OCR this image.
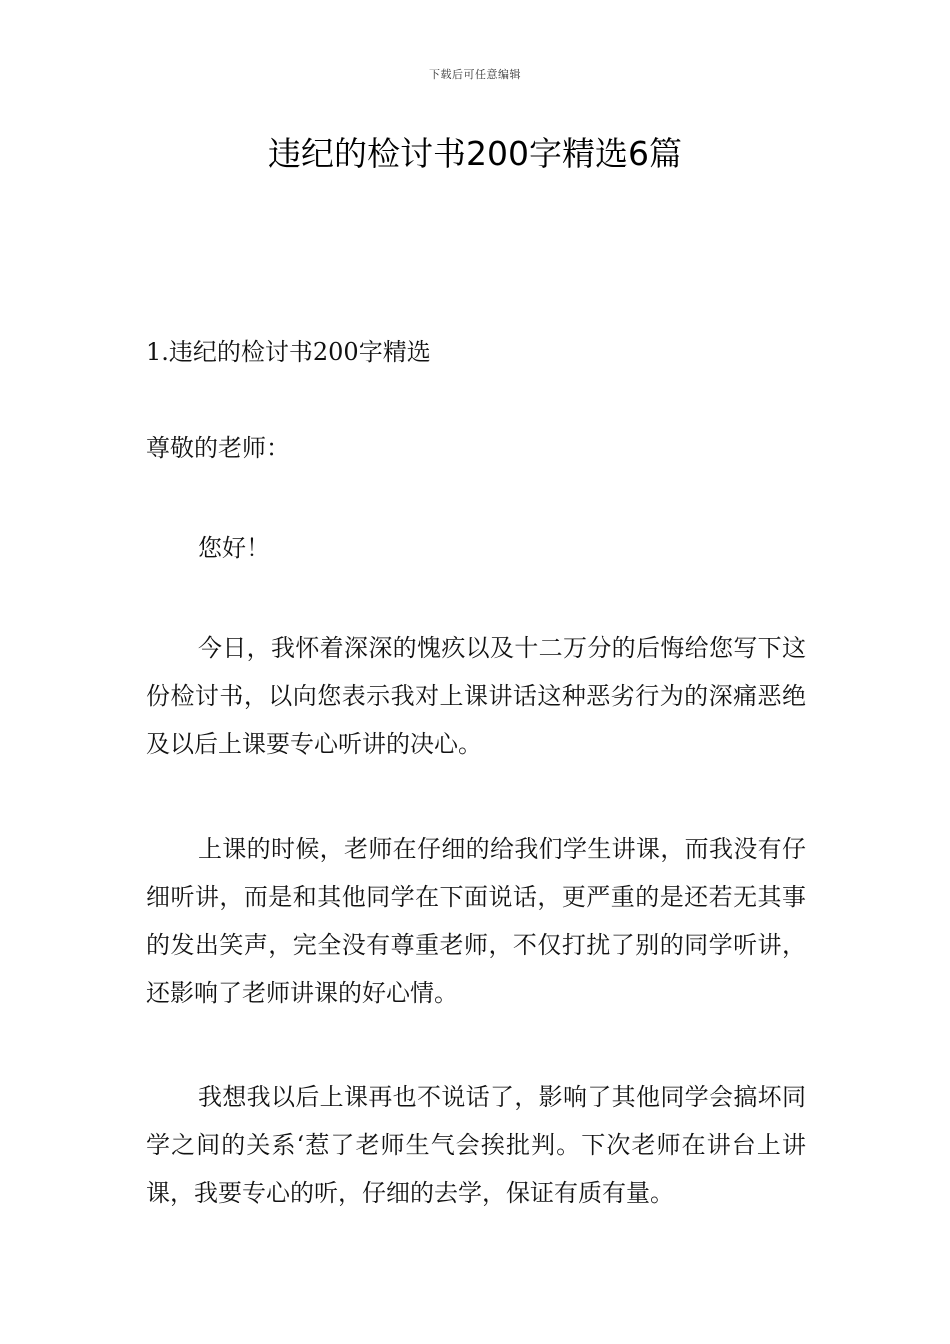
下载后可任意编辑
违纪的检讨书200字精选6篇

1.违纪的检讨书200字精选

尊敬的老师：

您好！

今日，我怀着深深的愧疚以及十二万分的后悔给您写下这份检讨书，以向您表示我对上课讲话这种恶劣行为的深痛恶绝及以后上课要专心听讲的决心。

上课的时候，老师在仔细的给我们学生讲课，而我没有仔细听讲，而是和其他同学在下面说话，更严重的是还若无其事的发出笑声，完全没有尊重老师，不仅打扰了别的同学听讲，还影响了老师讲课的好心情。

我想我以后上课再也不说话了，影响了其他同学会搞坏同学之间的关系‘惹了老师生气会挨批判。下次老师在讲台上讲课，我要专心的听，仔细的去学，保证有质有量。
